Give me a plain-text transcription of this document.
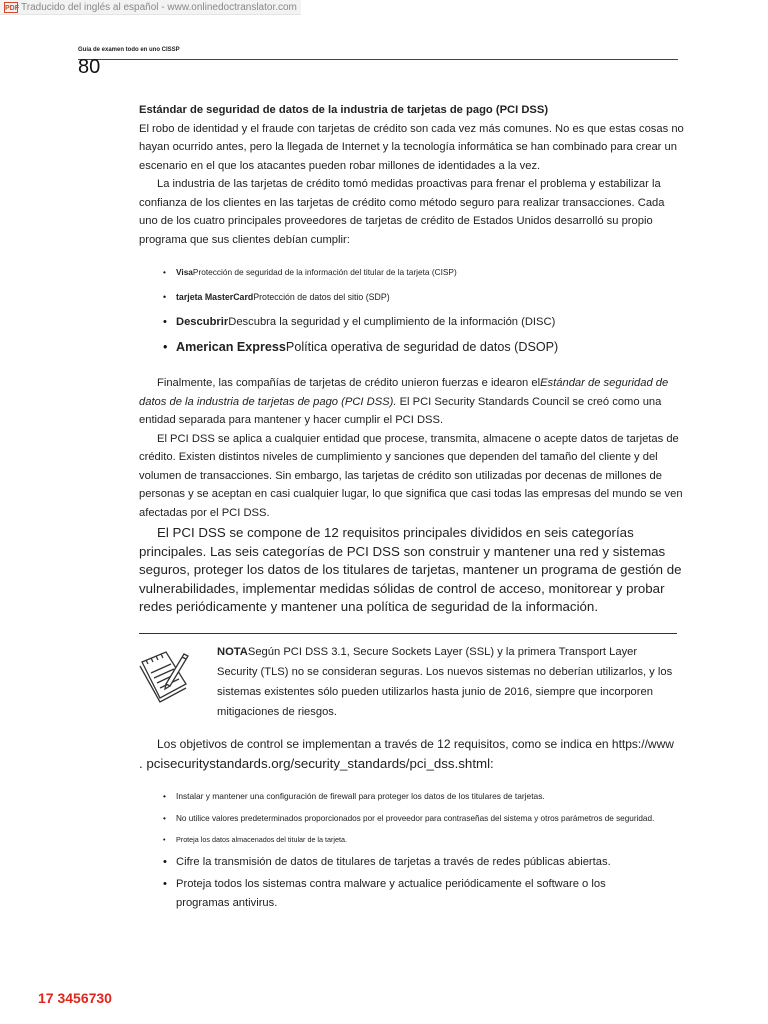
PDF Traducido del inglés al español - www.onlinedoctranslator.com
Guía de examen todo en uno CISSP
80

Estándar de seguridad de datos de la industria de tarjetas de pago (PCI DSS)

El robo de identidad y el fraude con tarjetas de crédito son cada vez más comunes. No es que estas cosas no hayan ocurrido antes, pero la llegada de Internet y la tecnología informática se han combinado para crear un escenario en el que los atacantes pueden robar millones de identidades a la vez.

La industria de las tarjetas de crédito tomó medidas proactivas para frenar el problema y estabilizar la confianza de los clientes en las tarjetas de crédito como método seguro para realizar transacciones. Cada uno de los cuatro principales proveedores de tarjetas de crédito de Estados Unidos desarrolló su propio programa que sus clientes debían cumplir:

• VisaProtección de seguridad de la información del titular de la tarjeta (CISP)
• tarjeta MasterCardProtección de datos del sitio (SDP)
• DescubrirDescubra la seguridad y el cumplimiento de la información (DISC)
• American ExpressPolítica operativa de seguridad de datos (DSOP)

Finalmente, las compañías de tarjetas de crédito unieron fuerzas e idearon elEstándar de seguridad de datos de la industria de tarjetas de pago (PCI DSS). El PCI Security Standards Council se creó como una entidad separada para mantener y hacer cumplir el PCI DSS.

El PCI DSS se aplica a cualquier entidad que procese, transmita, almacene o acepte datos de tarjetas de crédito. Existen distintos niveles de cumplimiento y sanciones que dependen del tamaño del cliente y del volumen de transacciones. Sin embargo, las tarjetas de crédito son utilizadas por decenas de millones de personas y se aceptan en casi cualquier lugar, lo que significa que casi todas las empresas del mundo se ven afectadas por el PCI DSS.

El PCI DSS se compone de 12 requisitos principales divididos en seis categorías principales. Las seis categorías de PCI DSS son construir y mantener una red y sistemas seguros, proteger los datos de los titulares de tarjetas, mantener un programa de gestión de vulnerabilidades, implementar medidas sólidas de control de acceso, monitorear y probar redes periódicamente y mantener una política de seguridad de la información.

NOTASegún PCI DSS 3.1, Secure Sockets Layer (SSL) y la primera Transport Layer Security (TLS) no se consideran seguras. Los nuevos sistemas no deberían utilizarlos, y los sistemas existentes sólo pueden utilizarlos hasta junio de 2016, siempre que incorporen mitigaciones de riesgos.

Los objetivos de control se implementan a través de 12 requisitos, como se indica en https://www

. pcisecuritystandards.org/security_standards/pci_dss.shtml:

• Instalar y mantener una configuración de firewall para proteger los datos de los titulares de tarjetas.
• No utilice valores predeterminados proporcionados por el proveedor para contraseñas del sistema y otros parámetros de seguridad.
• Proteja los datos almacenados del titular de la tarjeta.
• Cifre la transmisión de datos de titulares de tarjetas a través de redes públicas abiertas.
• Proteja todos los sistemas contra malware y actualice periódicamente el software o los programas antivirus.
17 3456730
